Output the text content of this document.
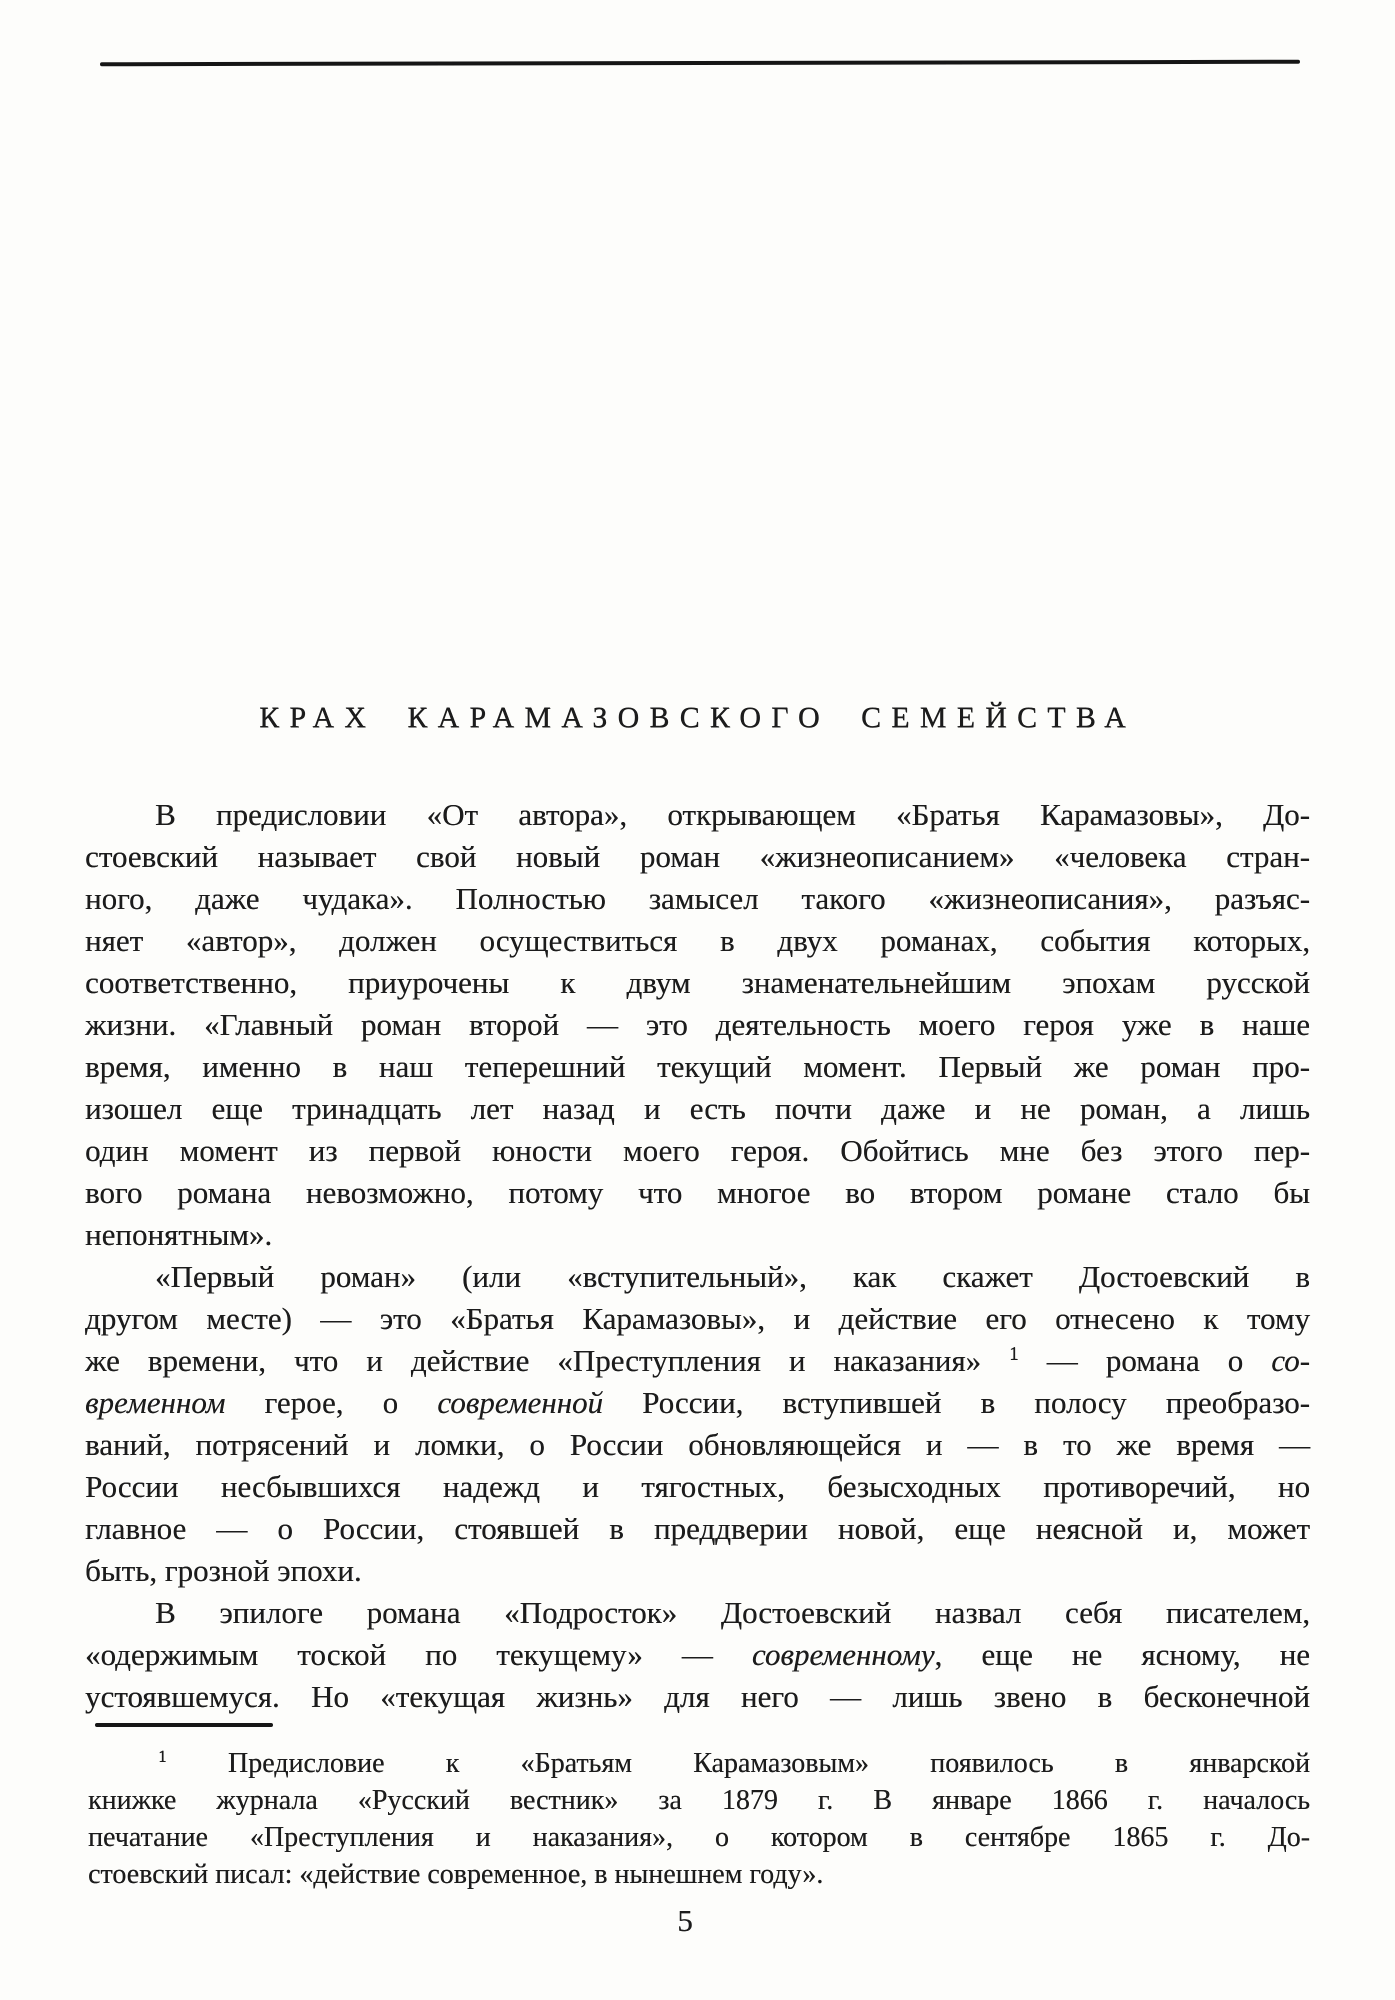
КРАХ КАРАМАЗОВСКОГО СЕМЕЙСТВА
В предисловии «От автора», открывающем «Братья Карамазовы», До-
стоевский называет свой новый роман «жизнеописанием» «человека стран-
ного, даже чудака». Полностью замысел такого «жизнеописания», разъяс-
няет «автор», должен осуществиться в двух романах, события которых,
соответственно, приурочены к двум знаменательнейшим эпохам русской
жизни. «Главный роман второй — это деятельность моего героя уже в наше
время, именно в наш теперешний текущий момент. Первый же роман про-
изошел еще тринадцать лет назад и есть почти даже и не роман, а лишь
один момент из первой юности моего героя. Обойтись мне без этого пер-
вого романа невозможно, потому что многое во втором романе стало бы
непонятным».
«Первый роман» (или «вступительный», как скажет Достоевский в
другом месте) — это «Братья Карамазовы», и действие его отнесено к тому
же времени, что и действие «Преступления и наказания» $^1$ — романа о со-
временном герое, о современной России, вступившей в полосу преобразо-
ваний, потрясений и ломки, о России обновляющейся и — в то же время —
России несбывшихся надежд и тягостных, безысходных противоречий, но
главное — о России, стоявшей в преддверии новой, еще неясной и, может
быть, грозной эпохи.
В эпилоге романа «Подросток» Достоевский назвал себя писателем,
«одержимым тоской по текущему» — современному, еще не ясному, не
устоявшемуся. Но «текущая жизнь» для него — лишь звено в бесконечной
$^1$ Предисловие к «Братьям Карамазовым» появилось в январской
книжке журнала «Русский вестник» за 1879 г. В январе 1866 г. началось
печатание «Преступления и наказания», о котором в сентябре 1865 г. До-
стоевский писал: «действие современное, в нынешнем году».
5
